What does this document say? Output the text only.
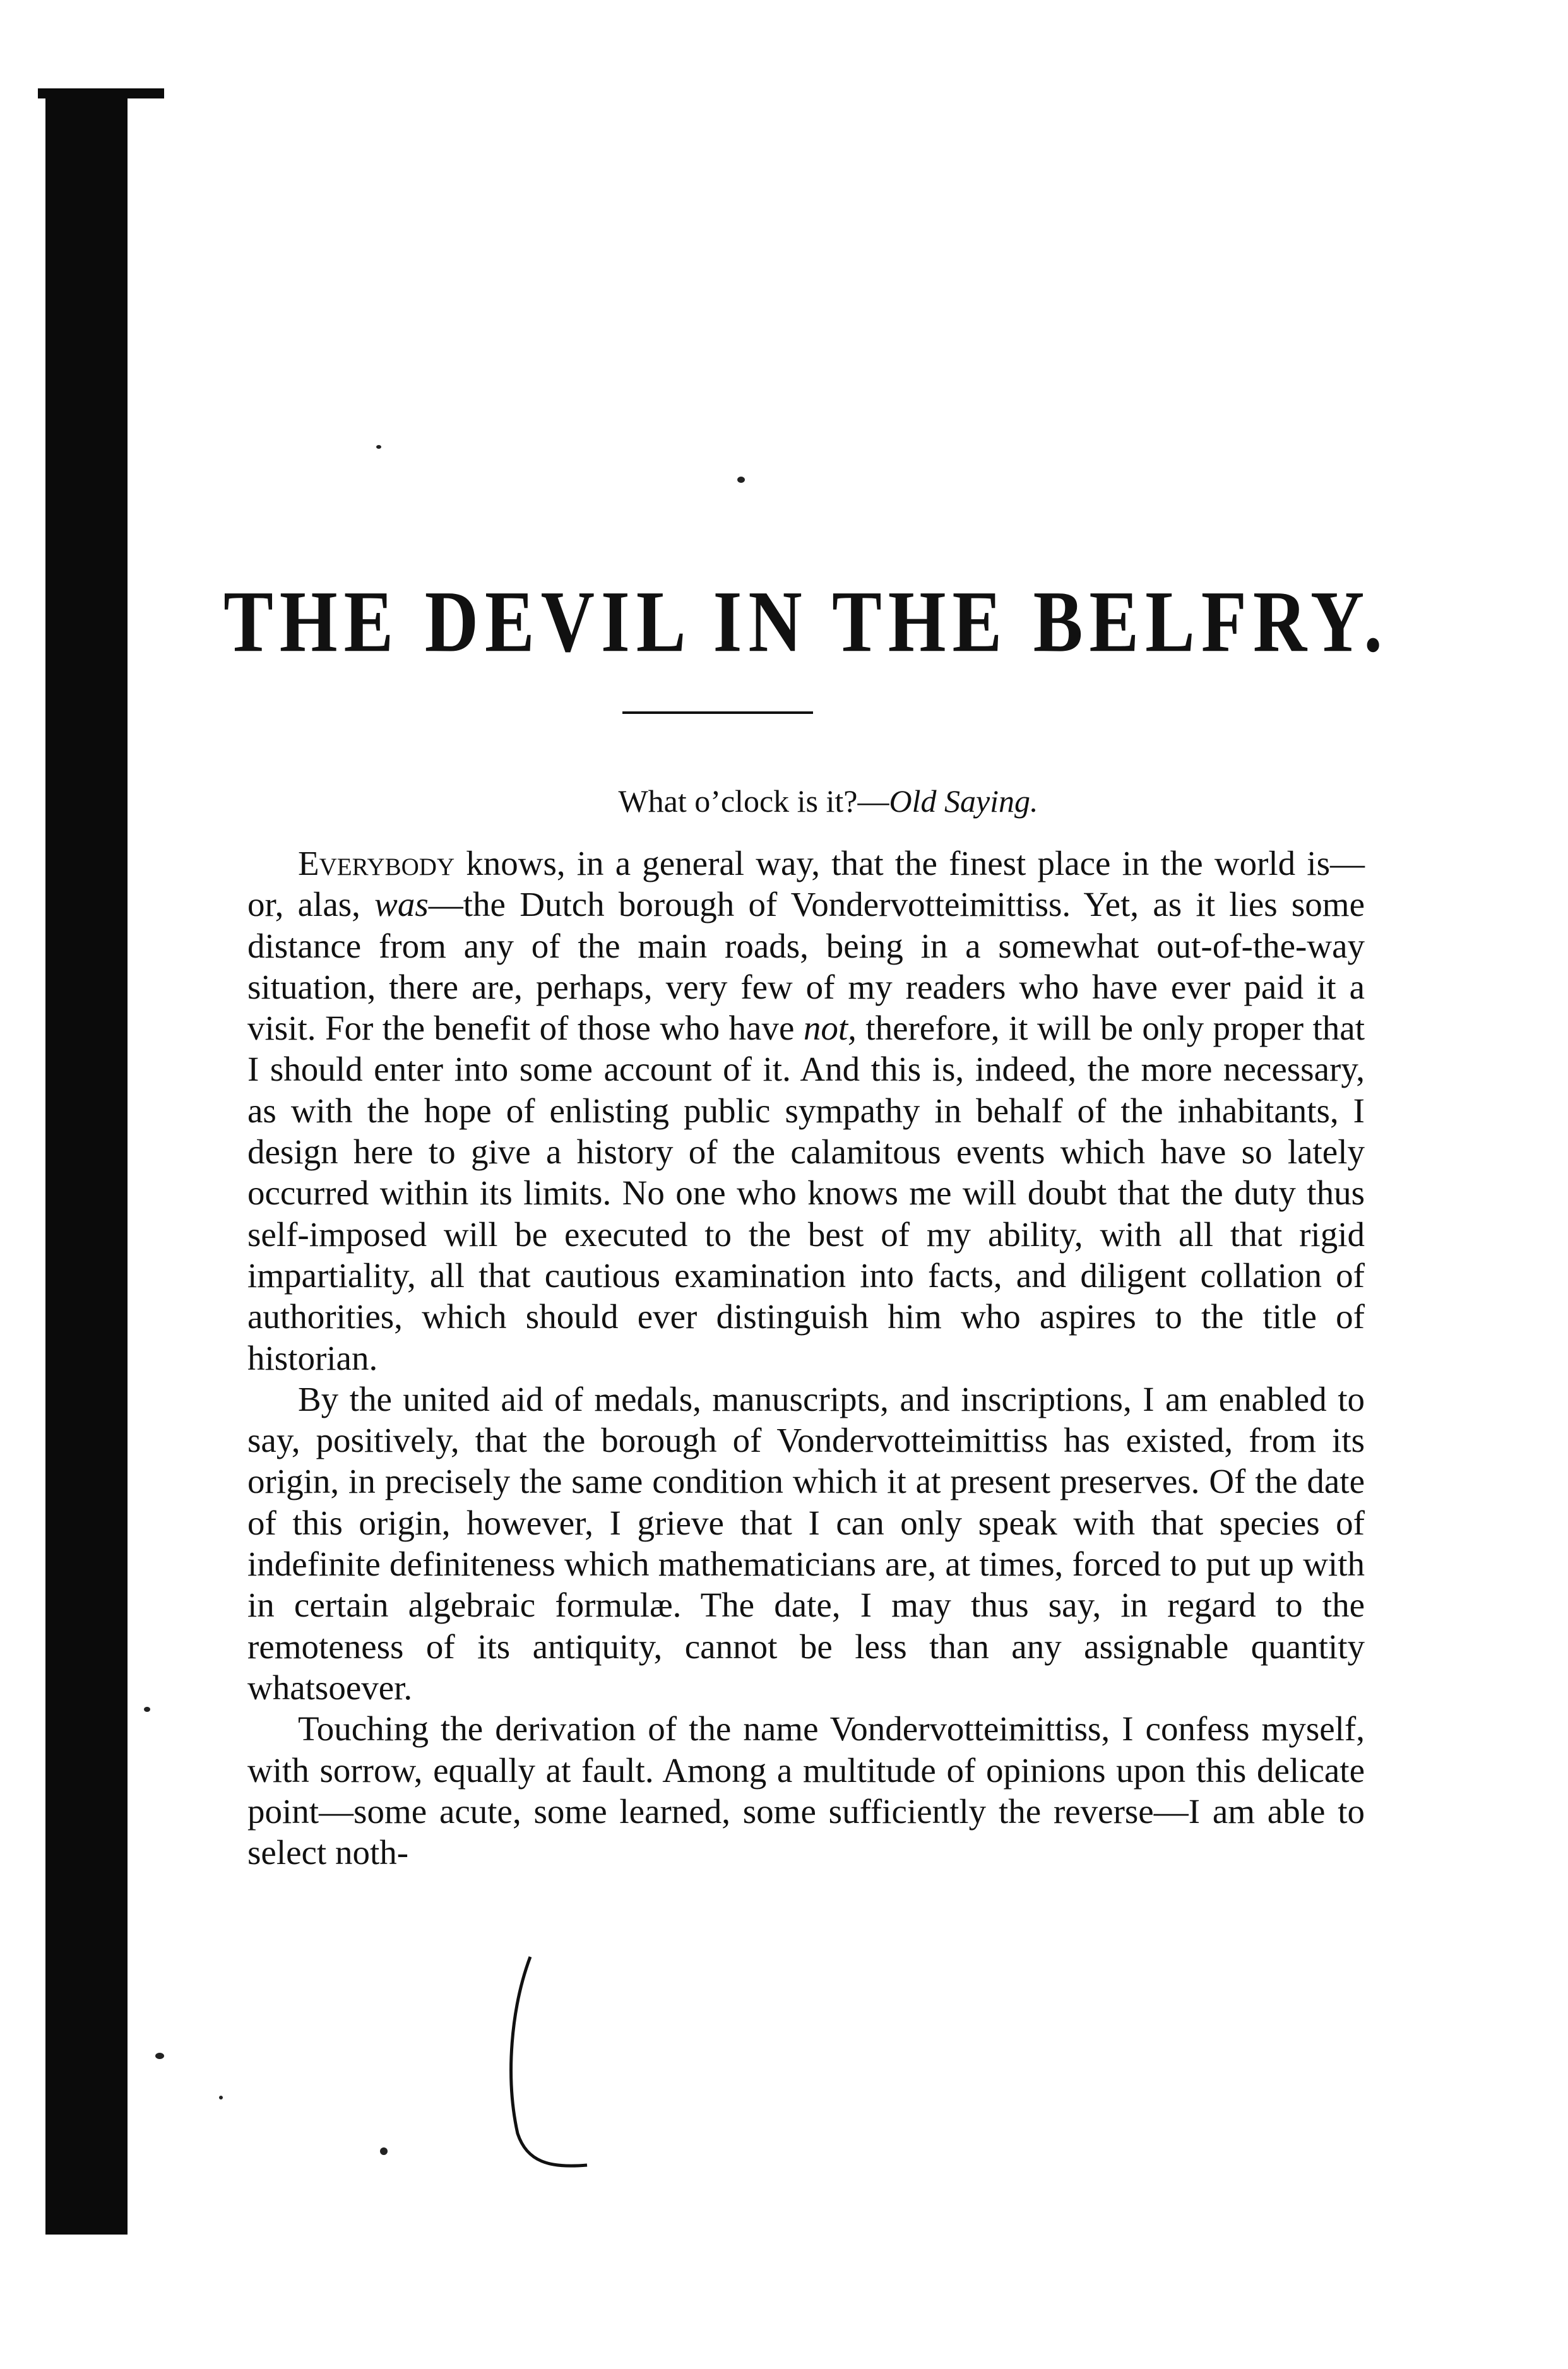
THE DEVIL IN THE BELFRY.
What o’clock is it?—Old Saying.

Everybody knows, in a general way, that the finest place in the world is—or, alas, was—the Dutch borough of Vondervotteimittiss. Yet, as it lies some distance from any of the main roads, being in a somewhat out-of-the-way situation, there are, perhaps, very few of my readers who have ever paid it a visit. For the benefit of those who have not, therefore, it will be only proper that I should enter into some account of it. And this is, indeed, the more necessary, as with the hope of enlisting public sympathy in behalf of the inhabitants, I design here to give a history of the calamitous events which have so lately occurred within its limits. No one who knows me will doubt that the duty thus self-imposed will be executed to the best of my ability, with all that rigid impartiality, all that cautious examination into facts, and diligent collation of authorities, which should ever distinguish him who aspires to the title of historian.

By the united aid of medals, manuscripts, and inscriptions, I am enabled to say, positively, that the borough of Vondervotteimittiss has existed, from its origin, in precisely the same condition which it at present preserves. Of the date of this origin, however, I grieve that I can only speak with that species of indefinite definiteness which mathematicians are, at times, forced to put up with in certain algebraic formulæ. The date, I may thus say, in regard to the remoteness of its antiquity, cannot be less than any assignable quantity whatsoever.

Touching the derivation of the name Vondervotteimittiss, I confess myself, with sorrow, equally at fault. Among a multitude of opinions upon this delicate point—some acute, some learned, some sufficiently the reverse—I am able to select noth-
